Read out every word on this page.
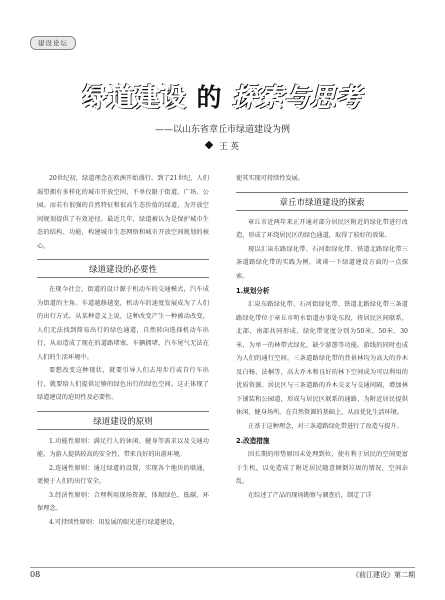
建设论坛
绿道建设 的 探索与思考
——以山东省章丘市绿道建设为例
王 英

20世纪初，绿道理念在欧洲开始盛行。到了21世纪，人们渴望拥有多样化的城市开放空间，不单仅限于街道、广场、公园。而若有很强的自然特征和很高生态价值的绿道，为开放空间规划提供了有效途径。最近几年，绿道被认为是保护城市生态的结构、功能，构建城市生态网络和城市开放空间规划的核心。

绿道建设的必要性

在现今社会，街道的设计源于机动车的交通模式，汽车成为街道的主角。车道越修越宽，机动车的速度发展成为了人们的出行方式。从某种意义上说，这种改变产生一种被动改变，人们无法找到简易出行的绿色通道，自然转向选择机动车出行，从而造成了现在的道路堵塞、车辆拥堵、汽车尾气无法在人们的生活环境中。

要想改变这种现状，就要引导人们去用步行或自行车出行，就要给人们提供足够的绿色出行的绿色空间。这正体现了绿道建设的迫切性及必要性。

绿道建设的原则

1.功能性原则：满足行人的休闲、健身等需求以及交通功能，为游人提供较高的安全性，带来良好的出游环境。

2.连通性原则：通过绿道的设置，实现各个地块的联通，更便于人们的出行安全。

3.经济性原则：合理利用现场资源，体现绿色、低碳、环保理念。

4.可持续性原则：用发展的眼光进行绿道建设，

使其实现可持续性发展。

章丘市绿道建设的探索

章丘市近两年来正开通对部分居民区附近的绿化带进行改造，形成了环绕居民区的绿色通道，取得了较好的效果。

现以汇泉东路绿化带、石河街绿化带、铁道北路绿化带三条道路绿化带的实践为例，谈谈一下绿道建设方面的一点探索。

1.规划分析

汇泉东路绿化带、石河街绿化带、铁道北路绿化带三条道路绿化带位于章丘市明水街道办事处东段，将居民区间联系，北部、南部共同形成，绿化带宽度分别为50米、50米、30米，为单一的林带式绿化，缺少游憩等功能。游线的同时也成为人们的通行空间。三条道路绿化带的背景林均为高大的乔木及白杨、法桐等，高大乔木和良好的林下空间成为可以利用的优质资源。居民区与三条道路的乔木交叉与交通间隔，增加林下铺装和公园道，形成与居民区联系的通路，为附近居民提供休闲、健身场所。在自然资源的基础上，从而优化生活环境。

正基于这种理念，对三条道路绿化带进行了改造与提升。

2.改造措施

因长期的形势原因未处理到位，使有利于居民的空间更富于生机，以免造成了附近居民随意倾倒垃圾的情况，空间杂乱。

在综述了产品的现场勘察与调查后，制定了详

08	《前江建设》第二期
